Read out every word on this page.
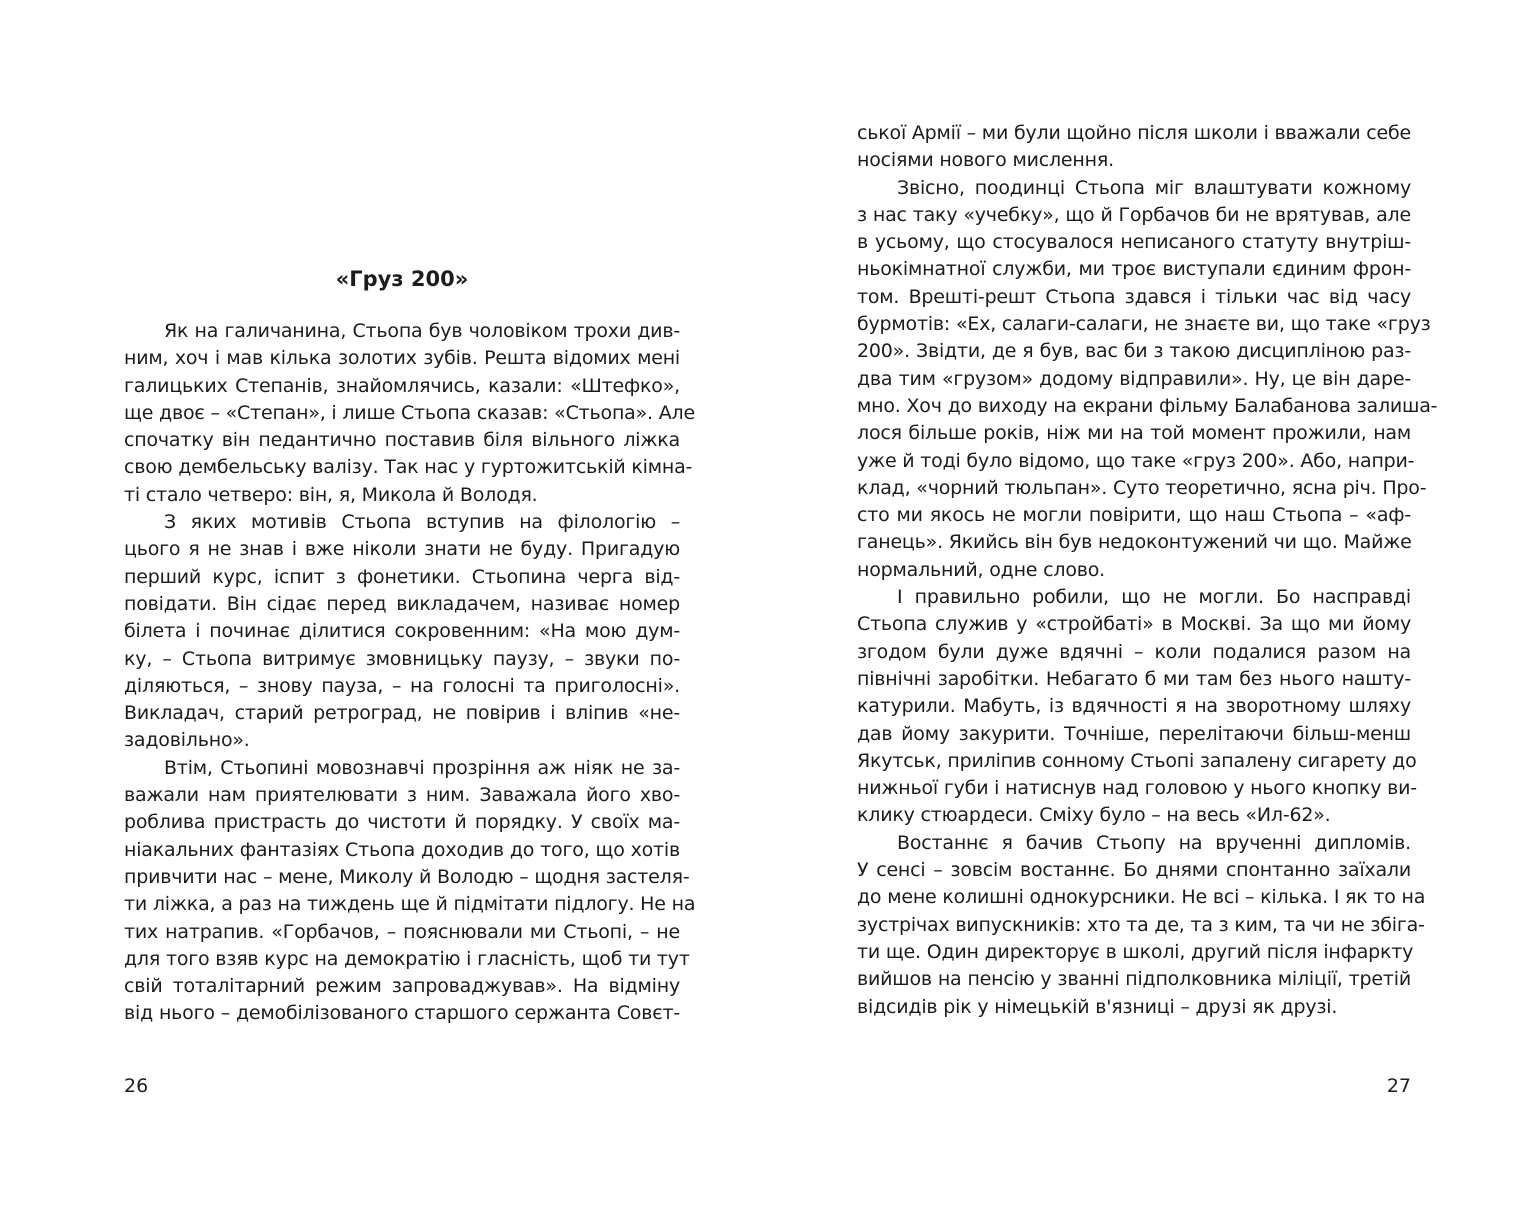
«Груз 200»

Як на галичанина, Стьопа був чоловіком трохи див-
ним, хоч і мав кілька золотих зубів. Решта відомих мені
галицьких Степанів, знайомлячись, казали: «Штефко»,
ще двоє – «Степан», і лише Стьопа сказав: «Стьопа». Але
спочатку він педантично поставив біля вільного ліжка
свою дембельську валізу. Так нас у гуртожитській кімна-
ті стало четверо: він, я, Микола й Володя.

З яких мотивів Стьопа вступив на філологію –
цього я не знав і вже ніколи знати не буду. Пригадую
перший курс, іспит з фонетики. Стьопина черга від-
повідати. Він сідає перед викладачем, називає номер
білета і починає ділитися сокровенним: «На мою дум-
ку, – Стьопа витримує змовницьку паузу, – звуки по-
діляються, – знову пауза, – на голосні та приголосні».
Викладач, старий ретроград, не повірив і вліпив «не-
задовільно».

Втім, Стьопині мовознавчі прозріння аж ніяк не за-
важали нам приятелювати з ним. Заважала його хво-
роблива пристрасть до чистоти й порядку. У своїх ма-
ніакальних фантазіях Стьопа доходив до того, що хотів
привчити нас – мене, Миколу й Володю – щодня застеля-
ти ліжка, а раз на тиждень ще й підмітати підлогу. Не на
тих натрапив. «Горбачов, – пояснювали ми Стьопі, – не
для того взяв курс на демократію і гласність, щоб ти тут
свій тоталітарний режим запроваджував». На відміну
від нього – демобілізованого старшого сержанта Совєт-

26

ської Армії – ми були щойно після школи і вважали себе
носіями нового мислення.

Звісно, поодинці Стьопа міг влаштувати кожному
з нас таку «учебку», що й Горбачов би не врятував, але
в усьому, що стосувалося неписаного статуту внутріш-
ньокімнатної служби, ми троє виступали єдиним фрон-
том. Врешті-решт Стьопа здався і тільки час від часу
бурмотів: «Ех, салаги-салаги, не знаєте ви, що таке «груз
200». Звідти, де я був, вас би з такою дисципліною раз-
два тим «грузом» додому відправили». Ну, це він даре-
мно. Хоч до виходу на екрани фільму Балабанова залиша-
лося більше років, ніж ми на той момент прожили, нам
уже й тоді було відомо, що таке «груз 200». Або, напри-
клад, «чорний тюльпан». Суто теоретично, ясна річ. Про-
сто ми якось не могли повірити, що наш Стьопа – «аф-
ганець». Якийсь він був недоконтужений чи що. Майже
нормальний, одне слово.

І правильно робили, що не могли. Бо насправді
Стьопа служив у «стройбаті» в Москві. За що ми йому
згодом були дуже вдячні – коли подалися разом на
північні заробітки. Небагато б ми там без нього нашту-
катурили. Мабуть, із вдячності я на зворотному шляху
дав йому закурити. Точніше, перелітаючи більш-менш
Якутськ, приліпив сонному Стьопі запалену сигарету до
нижньої губи і натиснув над головою у нього кнопку ви-
клику стюардеси. Сміху було – на весь «Ил-62».

Востаннє я бачив Стьопу на врученні дипломів.
У сенсі – зовсім востаннє. Бо днями спонтанно заїхали
до мене колишні однокурсники. Не всі – кілька. І як то на
зустрічах випускників: хто та де, та з ким, та чи не збіга-
ти ще. Один директорує в школі, другий після інфаркту
вийшов на пенсію у званні підполковника міліції, третій
відсидів рік у німецькій в'язниці – друзі як друзі.

27
